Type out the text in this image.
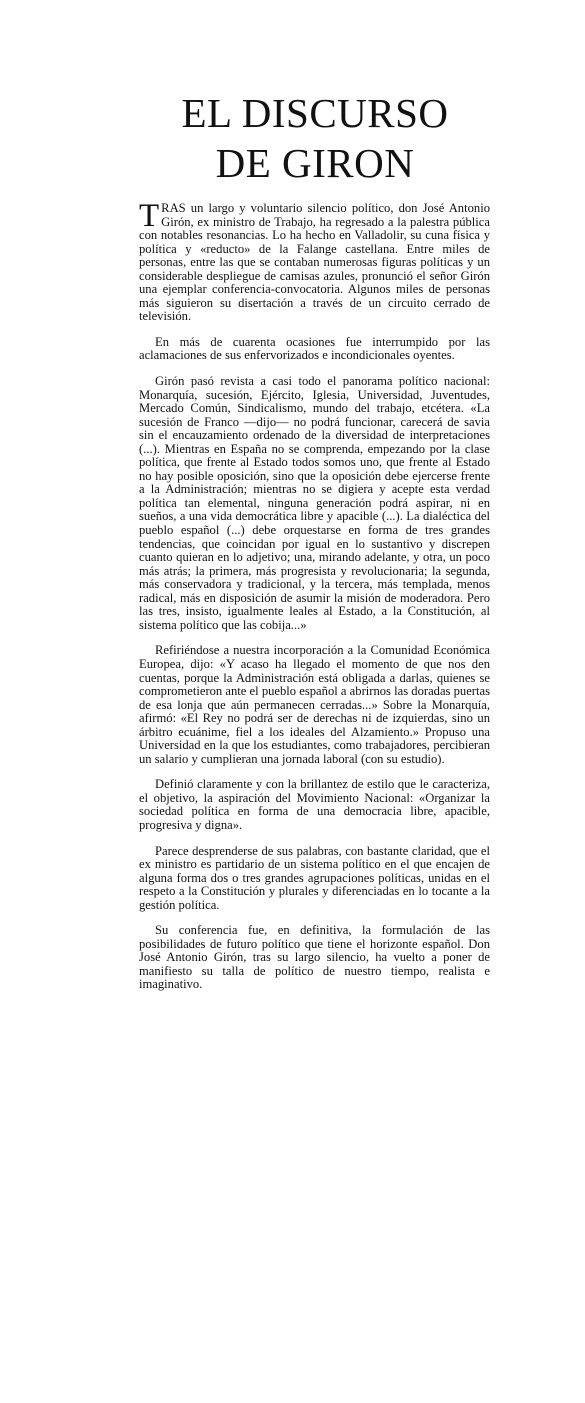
EL DISCURSO
DE GIRON

TRAS un largo y voluntario silencio político, don José Antonio Girón, ex ministro de Trabajo, ha regresado a la palestra pública con notables resonancias. Lo ha hecho en Valladolir, su cuna física y política y «reducto» de la Falange castellana. Entre miles de personas, entre las que se contaban numerosas figuras políticas y un considerable despliegue de camisas azules, pronunció el señor Girón una ejemplar conferencia-convocatoria. Algunos miles de personas más siguieron su disertación a través de un circuito cerrado de televisión.

En más de cuarenta ocasiones fue interrumpido por las aclamaciones de sus enfervorizados e incondicionales oyentes.

Girón pasó revista a casi todo el panorama político nacional: Monarquía, sucesión, Ejército, Iglesia, Universidad, Juventudes, Mercado Común, Sindicalismo, mundo del trabajo, etcétera. «La sucesión de Franco —dijo— no podrá funcionar, carecerá de savia sin el encauzamiento ordenado de la diversidad de interpretaciones (...). Mientras en España no se comprenda, empezando por la clase política, que frente al Estado todos somos uno, que frente al Estado no hay posible oposición, sino que la oposición debe ejercerse frente a la Administración; mientras no se digiera y acepte esta verdad política tan elemental, ninguna generación podrá aspirar, ni en sueños, a una vida democrática libre y apacible (...). La dialéctica del pueblo español (...) debe orquestarse en forma de tres grandes tendencias, que coincidan por igual en lo sustantivo y discrepen cuanto quieran en lo adjetivo; una, mirando adelante, y otra, un poco más atrás; la primera, más progresista y revolucionaria; la segunda, más conservadora y tradicional, y la tercera, más templada, menos radical, más en disposición de asumir la misión de moderadora. Pero las tres, insisto, igualmente leales al Estado, a la Constitución, al sistema político que las cobija...»

Refiriéndose a nuestra incorporación a la Comunidad Económica Europea, dijo: «Y acaso ha llegado el momento de que nos den cuentas, porque la Administración está obligada a darlas, quienes se comprometieron ante el pueblo español a abrirnos las doradas puertas de esa lonja que aún permanecen cerradas...» Sobre la Monarquía, afirmó: «El Rey no podrá ser de derechas ni de izquierdas, sino un árbitro ecuánime, fiel a los ideales del Alzamiento.» Propuso una Universidad en la que los estudiantes, como trabajadores, percibieran un salario y cumplieran una jornada laboral (con su estudio).

Definió claramente y con la brillantez de estilo que le caracteriza, el objetivo, la aspiración del Movimiento Nacional: «Organizar la sociedad política en forma de una democracia libre, apacible, progresiva y digna».

Parece desprenderse de sus palabras, con bastante claridad, que el ex ministro es partidario de un sistema político en el que encajen de alguna forma dos o tres grandes agrupaciones políticas, unidas en el respeto a la Constitución y plurales y diferenciadas en lo tocante a la gestión política.

Su conferencia fue, en definitiva, la formulación de las posibilidades de futuro político que tiene el horizonte español. Don José Antonio Girón, tras su largo silencio, ha vuelto a poner de manifiesto su talla de político de nuestro tiempo, realista e imaginativo.
